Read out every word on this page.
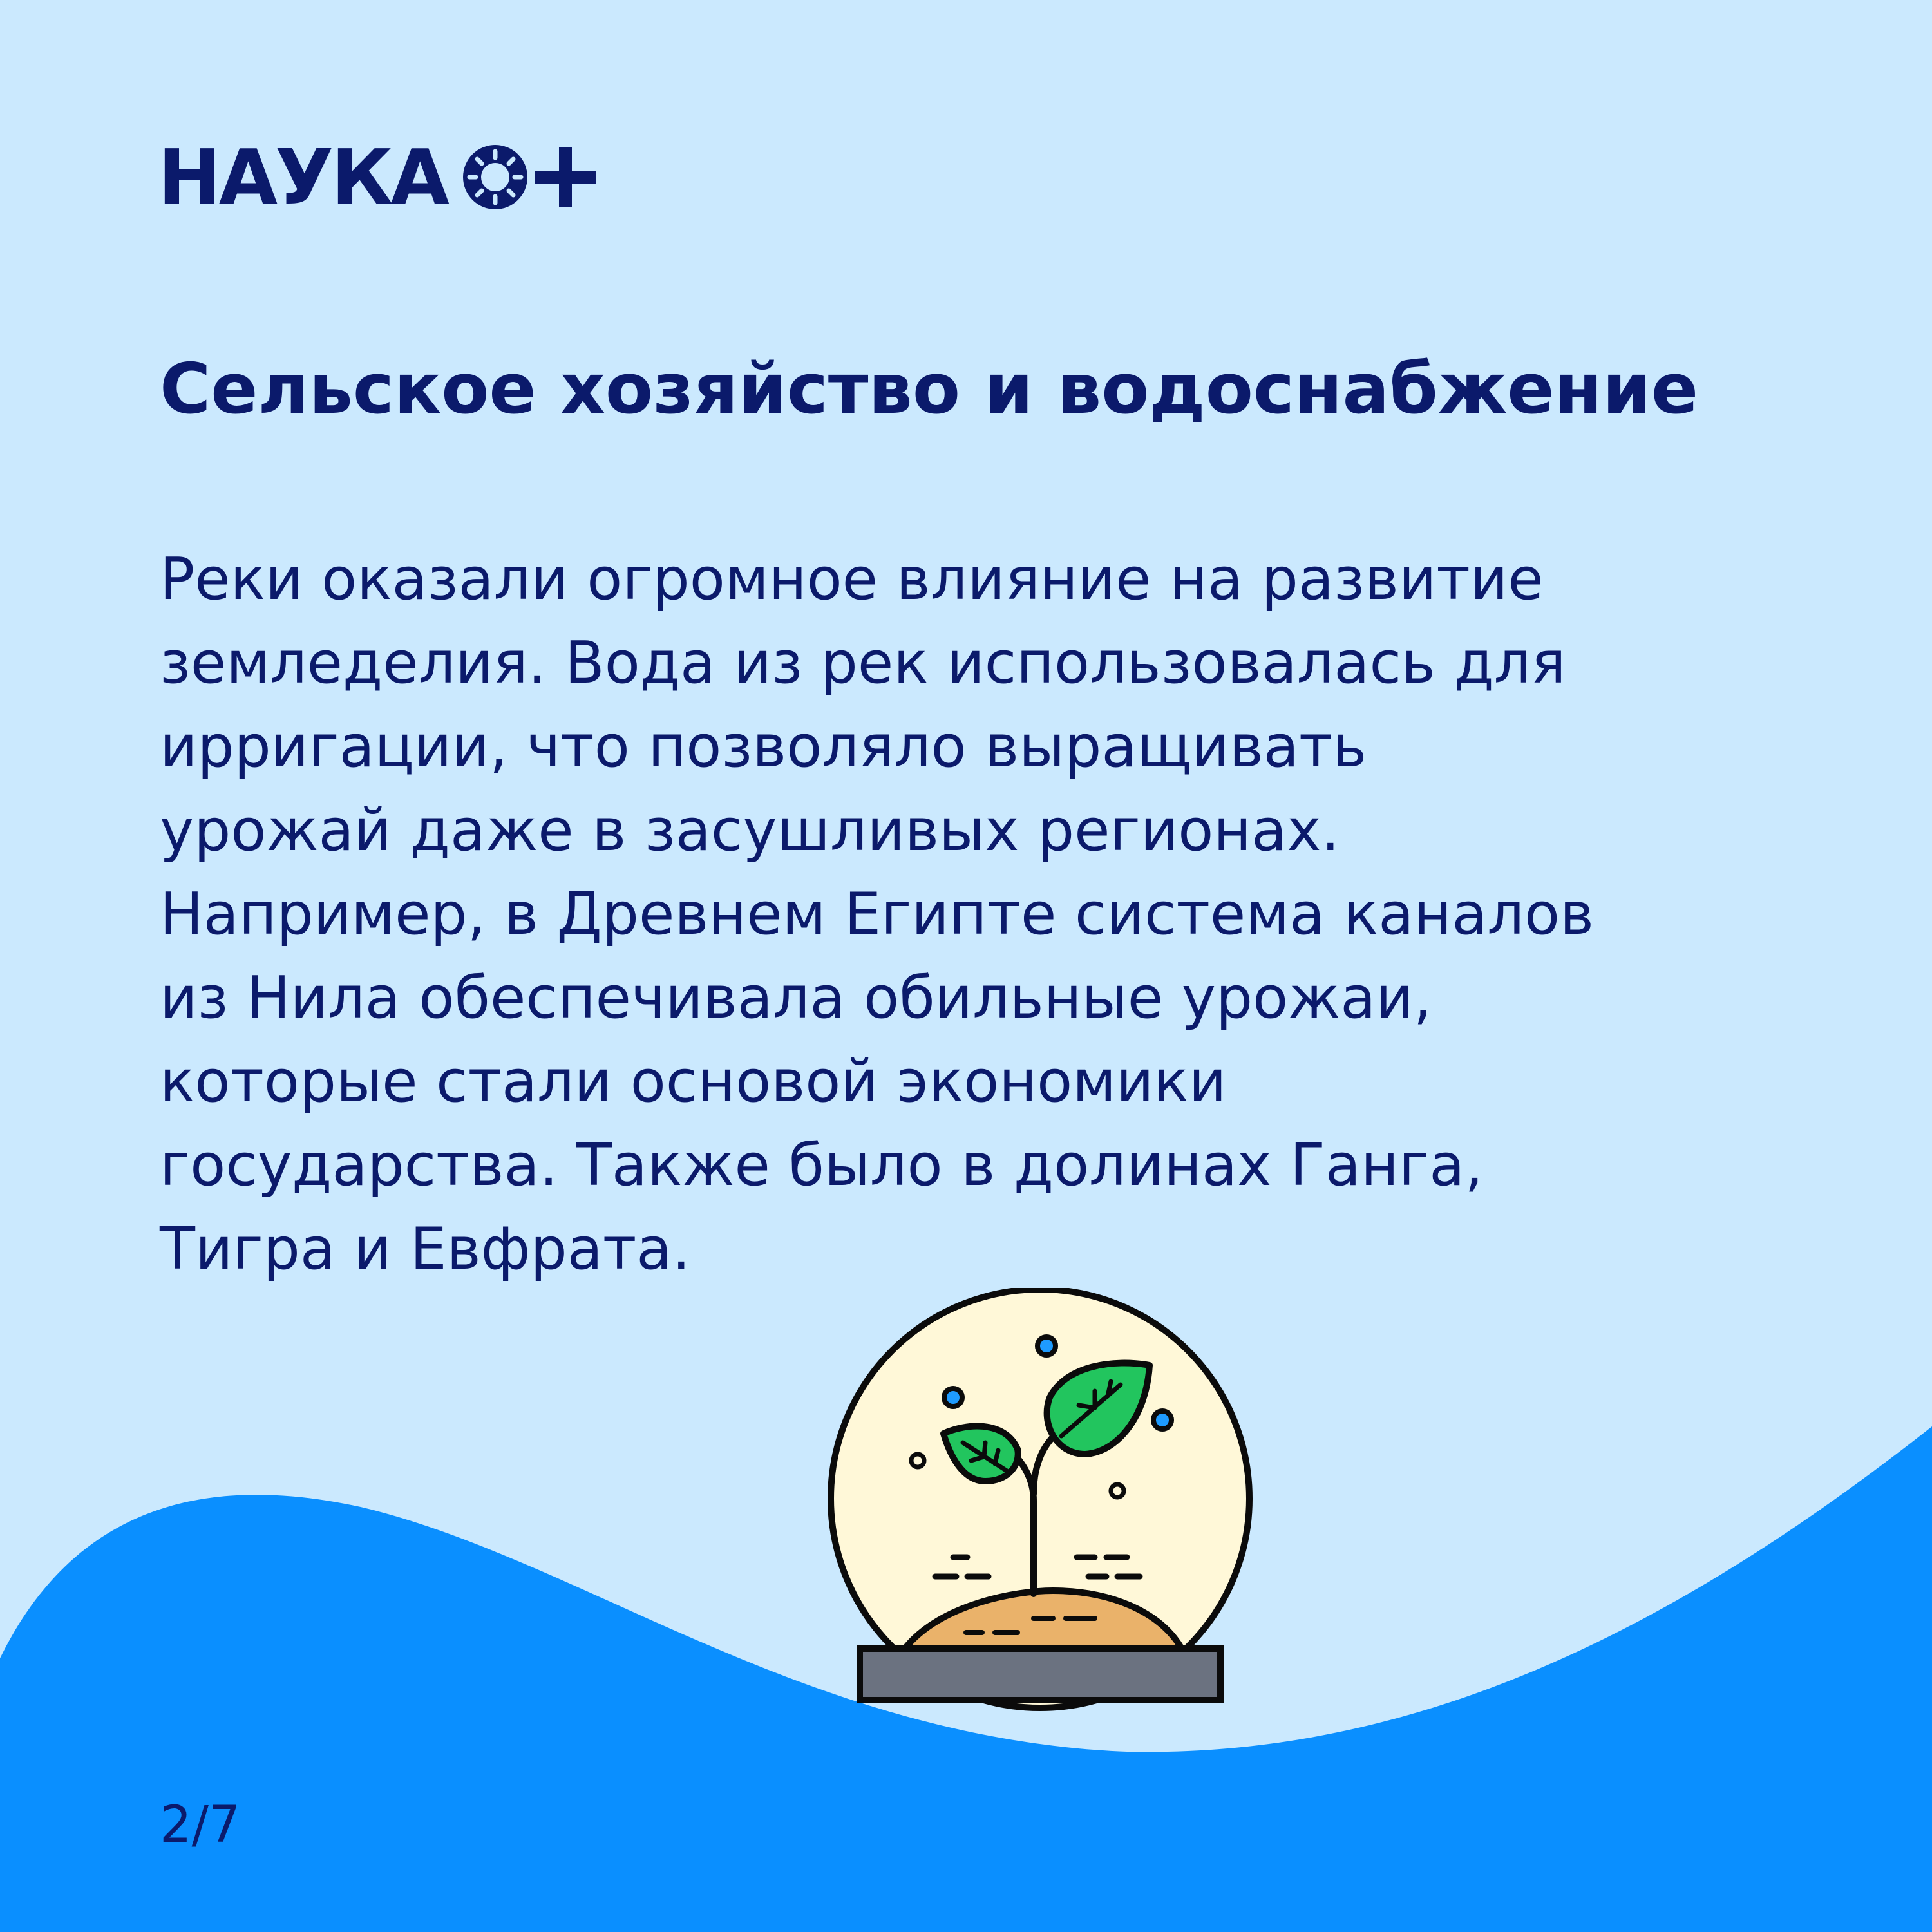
НАУКА
Сельское хозяйство и водоснабжение
Реки оказали огромное влияние на развитие
земледелия. Вода из рек использовалась для
ирригации, что позволяло выращивать
урожай даже в засушливых регионах.
Например, в Древнем Египте система каналов
из Нила обеспечивала обильные урожаи,
которые стали основой экономики
государства. Также было в долинах Ганга,
Тигра и Евфрата.
2/7
